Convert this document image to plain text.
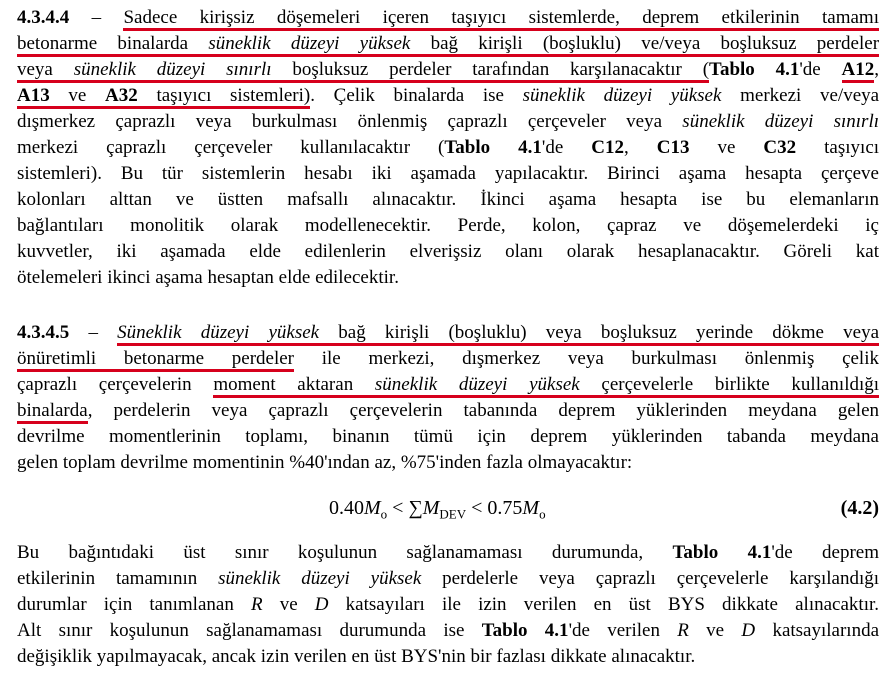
4.3.4.4 – Sadece kirişsiz döşemeleri içeren taşıyıcı sistemlerde, deprem etkilerinin tamamı
betonarme binalarda süneklik düzeyi yüksek bağ kirişli (boşluklu) ve/veya boşluksuz perdeler
veya süneklik düzeyi sınırlı boşluksuz perdeler tarafından karşılanacaktır (Tablo 4.1'de A12,
A13 ve A32 taşıyıcı sistemleri). Çelik binalarda ise süneklik düzeyi yüksek merkezi ve/veya
dışmerkez çaprazlı veya burkulması önlenmiş çaprazlı çerçeveler veya süneklik düzeyi sınırlı
merkezi çaprazlı çerçeveler kullanılacaktır (Tablo 4.1'de C12, C13 ve C32 taşıyıcı
sistemleri). Bu tür sistemlerin hesabı iki aşamada yapılacaktır. Birinci aşama hesapta çerçeve
kolonları alttan ve üstten mafsallı alınacaktır. İkinci aşama hesapta ise bu elemanların
bağlantıları monolitik olarak modellenecektir. Perde, kolon, çapraz ve döşemelerdeki iç
kuvvetler, iki aşamada elde edilenlerin elverişsiz olanı olarak hesaplanacaktır. Göreli kat
ötelemeleri ikinci aşama hesaptan elde edilecektir.
4.3.4.5 – Süneklik düzeyi yüksek bağ kirişli (boşluklu) veya boşluksuz yerinde dökme veya
önüretimli betonarme perdeler ile merkezi, dışmerkez veya burkulması önlenmiş çelik
çaprazlı çerçevelerin moment aktaran süneklik düzeyi yüksek çerçevelerle birlikte kullanıldığı
binalarda, perdelerin veya çaprazlı çerçevelerin tabanında deprem yüklerinden meydana gelen
devrilme momentlerinin toplamı, binanın tümü için deprem yüklerinden tabanda meydana
gelen toplam devrilme momentinin %40'ından az, %75'inden fazla olmayacaktır:
$0.40M_o < \sum M_{DEV} < 0.75M_o$	(4.2)
Bu bağıntıdaki üst sınır koşulunun sağlanamaması durumunda, Tablo 4.1'de deprem
etkilerinin tamamının süneklik düzeyi yüksek perdelerle veya çaprazlı çerçevelerle karşılandığı
durumlar için tanımlanan R ve D katsayıları ile izin verilen en üst BYS dikkate alınacaktır.
Alt sınır koşulunun sağlanamaması durumunda ise Tablo 4.1'de verilen R ve D katsayılarında
değişiklik yapılmayacak, ancak izin verilen en üst BYS'nin bir fazlası dikkate alınacaktır.
